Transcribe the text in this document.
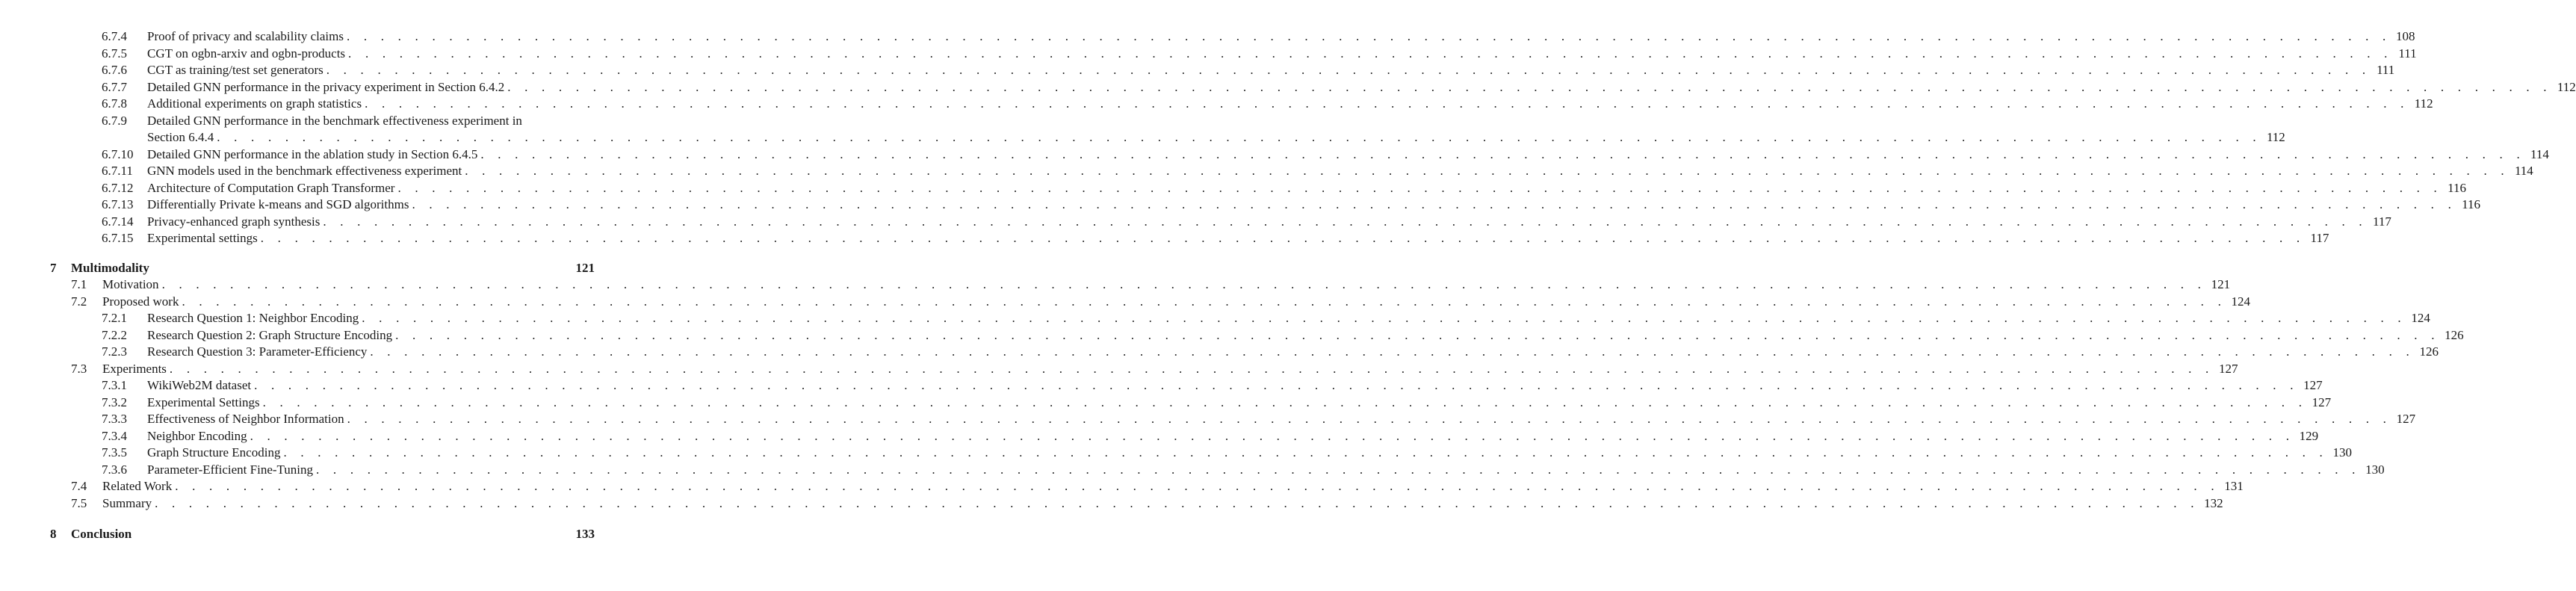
6.7.4 Proof of privacy and scalability claims . . . . . . . . . . . . . . . . . . . . . . . . . . . . . . . . . . . . . . . . . . . . . . . . . . . . . . . . . . . . . . . . . . . . . . . . . . . . . . . . . . . . . . . . . . . . . . . . . . . . . . . . . . . . . . . . . . . . . . . . 108
6.7.5 CGT on ogbn-arxiv and ogbn-products . . . . . . . . . . . . . . . . . . . . . . . . . . . . . . . . . . . . . . . . . . . . . . . . . . . . . . . . . . . . . . . . . . . . . . . . . . . . . . . . . . . . . . . . . . . . . . . . . . . . . . . . . . . . . . . . . . . . . . . . 111
6.7.6 CGT as training/test set generators . . . . . . . . . . . . . . . . . . . . . . . . . . . . . . . . . . . . . . . . . . . . . . . . . . . . . . . . . . . . . . . . . . . . . . . . . . . . . . . . . . . . . . . . . . . . . . . . . . . . . . . . . . . . . . . . . . . . . . . . 111
6.7.7 Detailed GNN performance in the privacy experiment in Section 6.4.2 . . . . . . . . . . . . . . . . . . . . . . . . . . . . . . . . . . . . . . . . . . . . . . . . . . . . . . . . . . . . . . . . . . . . . . . . . . . . . . . . . . . . . . . . . . . . . . . . . . . . . . . . . . . . . . . . . . . . . . . . 112
6.7.8 Additional experiments on graph statistics . . . . . . . . . . . . . . . . . . . . . . . . . . . . . . . . . . . . . . . . . . . . . . . . . . . . . . . . . . . . . . . . . . . . . . . . . . . . . . . . . . . . . . . . . . . . . . . . . . . . . . . . . . . . . . . . . . . . . . . . 112
6.7.9 Detailed GNN performance in the benchmark effectiveness experiment in
Section 6.4.4 . . . . . . . . . . . . . . . . . . . . . . . . . . . . . . . . . . . . . . . . . . . . . . . . . . . . . . . . . . . . . . . . . . . . . . . . . . . . . . . . . . . . . . . . . . . . . . . . . . . . . . . . . . . . . . . . . . . . . . . . 112
6.7.10 Detailed GNN performance in the ablation study in Section 6.4.5 . . . . . . . . . . . . . . . . . . . . . . . . . . . . . . . . . . . . . . . . . . . . . . . . . . . . . . . . . . . . . . . . . . . . . . . . . . . . . . . . . . . . . . . . . . . . . . . . . . . . . . . . . . . . . . . . . . . . . . . . 114
6.7.11 GNN models used in the benchmark effectiveness experiment . . . . . . . . . . . . . . . . . . . . . . . . . . . . . . . . . . . . . . . . . . . . . . . . . . . . . . . . . . . . . . . . . . . . . . . . . . . . . . . . . . . . . . . . . . . . . . . . . . . . . . . . . . . . . . . . . . . . . . . . 114
6.7.12 Architecture of Computation Graph Transformer . . . . . . . . . . . . . . . . . . . . . . . . . . . . . . . . . . . . . . . . . . . . . . . . . . . . . . . . . . . . . . . . . . . . . . . . . . . . . . . . . . . . . . . . . . . . . . . . . . . . . . . . . . . . . . . . . . . . . . . . 116
6.7.13 Differentially Private k-means and SGD algorithms . . . . . . . . . . . . . . . . . . . . . . . . . . . . . . . . . . . . . . . . . . . . . . . . . . . . . . . . . . . . . . . . . . . . . . . . . . . . . . . . . . . . . . . . . . . . . . . . . . . . . . . . . . . . . . . . . . . . . . . . 116
6.7.14 Privacy-enhanced graph synthesis . . . . . . . . . . . . . . . . . . . . . . . . . . . . . . . . . . . . . . . . . . . . . . . . . . . . . . . . . . . . . . . . . . . . . . . . . . . . . . . . . . . . . . . . . . . . . . . . . . . . . . . . . . . . . . . . . . . . . . . . 117
6.7.15 Experimental settings . . . . . . . . . . . . . . . . . . . . . . . . . . . . . . . . . . . . . . . . . . . . . . . . . . . . . . . . . . . . . . . . . . . . . . . . . . . . . . . . . . . . . . . . . . . . . . . . . . . . . . . . . . . . . . . . . . . . . . . . 117
7 Multimodality	121
7.1 Motivation . . . . . . . . . . . . . . . . . . . . . . . . . . . . . . . . . . . . . . . . . . . . . . . . . . . . . . . . . . . . . . . . . . . . . . . . . . . . . . . . . . . . . . . . . . . . . . . . . . . . . . . . . . . . . . . . . . . . . . . . 121
7.2 Proposed work . . . . . . . . . . . . . . . . . . . . . . . . . . . . . . . . . . . . . . . . . . . . . . . . . . . . . . . . . . . . . . . . . . . . . . . . . . . . . . . . . . . . . . . . . . . . . . . . . . . . . . . . . . . . . . . . . . . . . . . . 124
7.2.1 Research Question 1: Neighbor Encoding . . . . . . . . . . . . . . . . . . . . . . . . . . . . . . . . . . . . . . . . . . . . . . . . . . . . . . . . . . . . . . . . . . . . . . . . . . . . . . . . . . . . . . . . . . . . . . . . . . . . . . . . . . . . . . . . . . . . . . . . 124
7.2.2 Research Question 2: Graph Structure Encoding . . . . . . . . . . . . . . . . . . . . . . . . . . . . . . . . . . . . . . . . . . . . . . . . . . . . . . . . . . . . . . . . . . . . . . . . . . . . . . . . . . . . . . . . . . . . . . . . . . . . . . . . . . . . . . . . . . . . . . . . 126
7.2.3 Research Question 3: Parameter-Efficiency . . . . . . . . . . . . . . . . . . . . . . . . . . . . . . . . . . . . . . . . . . . . . . . . . . . . . . . . . . . . . . . . . . . . . . . . . . . . . . . . . . . . . . . . . . . . . . . . . . . . . . . . . . . . . . . . . . . . . . . . 126
7.3 Experiments . . . . . . . . . . . . . . . . . . . . . . . . . . . . . . . . . . . . . . . . . . . . . . . . . . . . . . . . . . . . . . . . . . . . . . . . . . . . . . . . . . . . . . . . . . . . . . . . . . . . . . . . . . . . . . . . . . . . . . . . 127
7.3.1 WikiWeb2M dataset . . . . . . . . . . . . . . . . . . . . . . . . . . . . . . . . . . . . . . . . . . . . . . . . . . . . . . . . . . . . . . . . . . . . . . . . . . . . . . . . . . . . . . . . . . . . . . . . . . . . . . . . . . . . . . . . . . . . . . . . 127
7.3.2 Experimental Settings . . . . . . . . . . . . . . . . . . . . . . . . . . . . . . . . . . . . . . . . . . . . . . . . . . . . . . . . . . . . . . . . . . . . . . . . . . . . . . . . . . . . . . . . . . . . . . . . . . . . . . . . . . . . . . . . . . . . . . . . 127
7.3.3 Effectiveness of Neighbor Information . . . . . . . . . . . . . . . . . . . . . . . . . . . . . . . . . . . . . . . . . . . . . . . . . . . . . . . . . . . . . . . . . . . . . . . . . . . . . . . . . . . . . . . . . . . . . . . . . . . . . . . . . . . . . . . . . . . . . . . . 127
7.3.4 Neighbor Encoding . . . . . . . . . . . . . . . . . . . . . . . . . . . . . . . . . . . . . . . . . . . . . . . . . . . . . . . . . . . . . . . . . . . . . . . . . . . . . . . . . . . . . . . . . . . . . . . . . . . . . . . . . . . . . . . . . . . . . . . . 129
7.3.5 Graph Structure Encoding . . . . . . . . . . . . . . . . . . . . . . . . . . . . . . . . . . . . . . . . . . . . . . . . . . . . . . . . . . . . . . . . . . . . . . . . . . . . . . . . . . . . . . . . . . . . . . . . . . . . . . . . . . . . . . . . . . . . . . . . 130
7.3.6 Parameter-Efficient Fine-Tuning . . . . . . . . . . . . . . . . . . . . . . . . . . . . . . . . . . . . . . . . . . . . . . . . . . . . . . . . . . . . . . . . . . . . . . . . . . . . . . . . . . . . . . . . . . . . . . . . . . . . . . . . . . . . . . . . . . . . . . . . 130
7.4 Related Work . . . . . . . . . . . . . . . . . . . . . . . . . . . . . . . . . . . . . . . . . . . . . . . . . . . . . . . . . . . . . . . . . . . . . . . . . . . . . . . . . . . . . . . . . . . . . . . . . . . . . . . . . . . . . . . . . . . . . . . . 131
7.5 Summary . . . . . . . . . . . . . . . . . . . . . . . . . . . . . . . . . . . . . . . . . . . . . . . . . . . . . . . . . . . . . . . . . . . . . . . . . . . . . . . . . . . . . . . . . . . . . . . . . . . . . . . . . . . . . . . . . . . . . . . . 132
8 Conclusion	133
